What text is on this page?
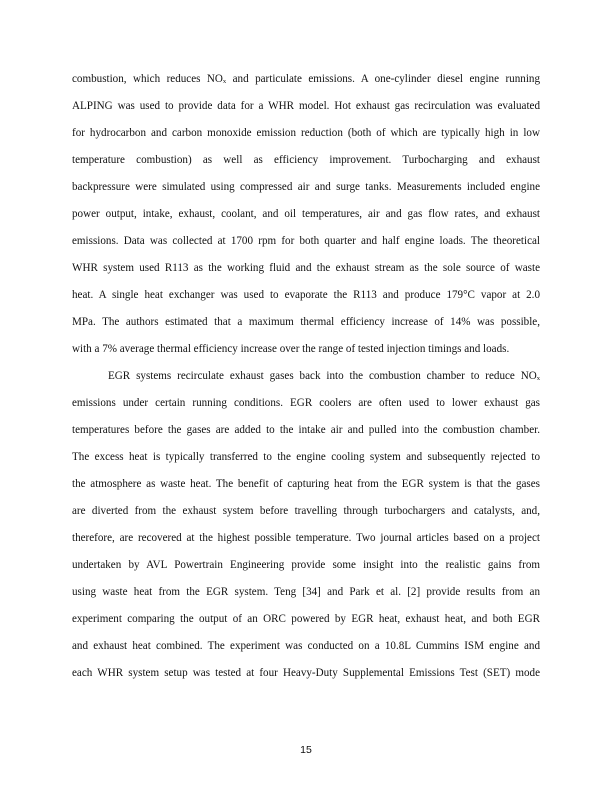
combustion, which reduces NOₓ and particulate emissions. A one-cylinder diesel engine running
ALPING was used to provide data for a WHR model. Hot exhaust gas recirculation was evaluated
for hydrocarbon and carbon monoxide emission reduction (both of which are typically high in low
temperature combustion) as well as efficiency improvement. Turbocharging and exhaust
backpressure were simulated using compressed air and surge tanks. Measurements included engine
power output, intake, exhaust, coolant, and oil temperatures, air and gas flow rates, and exhaust
emissions. Data was collected at 1700 rpm for both quarter and half engine loads. The theoretical
WHR system used R113 as the working fluid and the exhaust stream as the sole source of waste
heat. A single heat exchanger was used to evaporate the R113 and produce 179°C vapor at 2.0
MPa. The authors estimated that a maximum thermal efficiency increase of 14% was possible,
with a 7% average thermal efficiency increase over the range of tested injection timings and loads.
EGR systems recirculate exhaust gases back into the combustion chamber to reduce NOₓ
emissions under certain running conditions. EGR coolers are often used to lower exhaust gas
temperatures before the gases are added to the intake air and pulled into the combustion chamber.
The excess heat is typically transferred to the engine cooling system and subsequently rejected to
the atmosphere as waste heat. The benefit of capturing heat from the EGR system is that the gases
are diverted from the exhaust system before travelling through turbochargers and catalysts, and,
therefore, are recovered at the highest possible temperature. Two journal articles based on a project
undertaken by AVL Powertrain Engineering provide some insight into the realistic gains from
using waste heat from the EGR system. Teng [34] and Park et al. [2] provide results from an
experiment comparing the output of an ORC powered by EGR heat, exhaust heat, and both EGR
and exhaust heat combined. The experiment was conducted on a 10.8L Cummins ISM engine and
each WHR system setup was tested at four Heavy-Duty Supplemental Emissions Test (SET) mode
15
